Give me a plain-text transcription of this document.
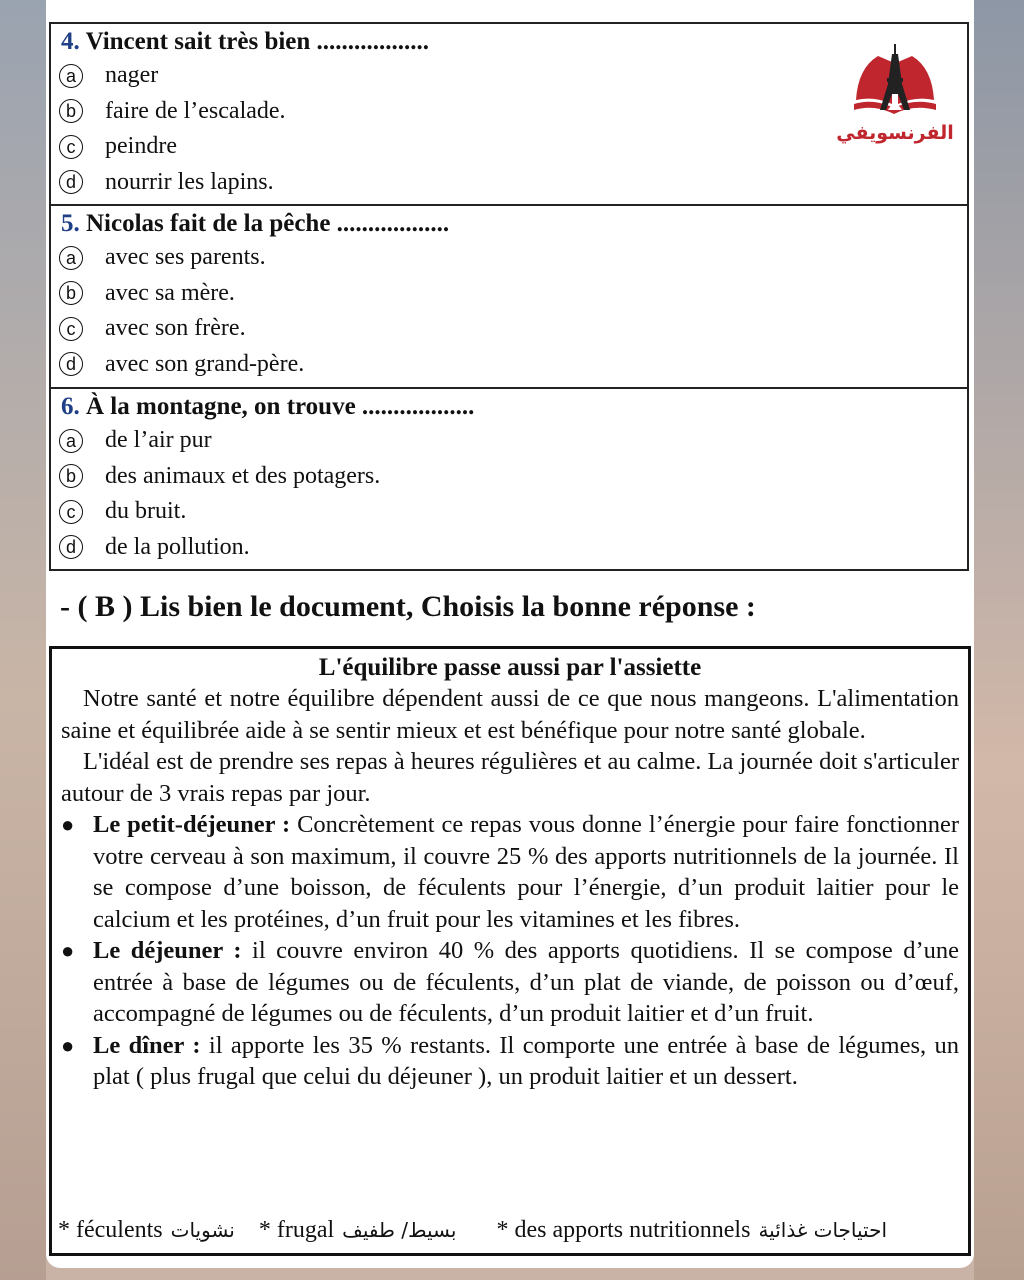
4. Vincent sait très bien ..................
a nager
b faire de l’escalade.
c	peindre
d nourrir les lapins.
5. Nicolas fait de la pêche ..................
a avec ses parents.
b avec sa mère.
c	avec son frère.
d avec son grand-père.
6. À la montagne, on trouve ..................
a de l’air pur
b des animaux et des potagers.
c	du bruit.
d de la pollution.
الفرنسويفي
- ( B ) Lis bien le document, Choisis la bonne réponse :
L'équilibre passe aussi par l'assiette
Notre santé et notre équilibre dépendent aussi de ce que nous mangeons. L'alimentation saine et équilibrée aide à se sentir mieux et est bénéfique pour notre santé globale.
L'idéal est de prendre ses repas à heures régulières et au calme. La journée doit s'articuler autour de 3 vrais repas par jour.
● Le petit-déjeuner : Concrètement ce repas vous donne l’énergie pour faire fonctionner votre cerveau à son maximum, il couvre 25 % des apports nutritionnels de la journée. Il se compose d’une boisson, de féculents pour l’énergie, d’un produit laitier pour le calcium et les protéines, d’un fruit pour les vitamines et les fibres.
● Le déjeuner : il couvre environ 40 % des apports quotidiens. Il se compose d’une entrée à base de légumes ou de féculents, d’un plat de viande, de poisson ou d’œuf, accompagné de légumes ou de féculents, d’un produit laitier et d’un fruit.
● Le dîner : il apporte les 35 % restants. Il comporte une entrée à base de légumes, un plat ( plus frugal que celui du déjeuner ), un produit laitier et un dessert.
* féculents نشويات * frugal بسيط/ طفيف * des apports nutritionnels احتياجات غذائية
